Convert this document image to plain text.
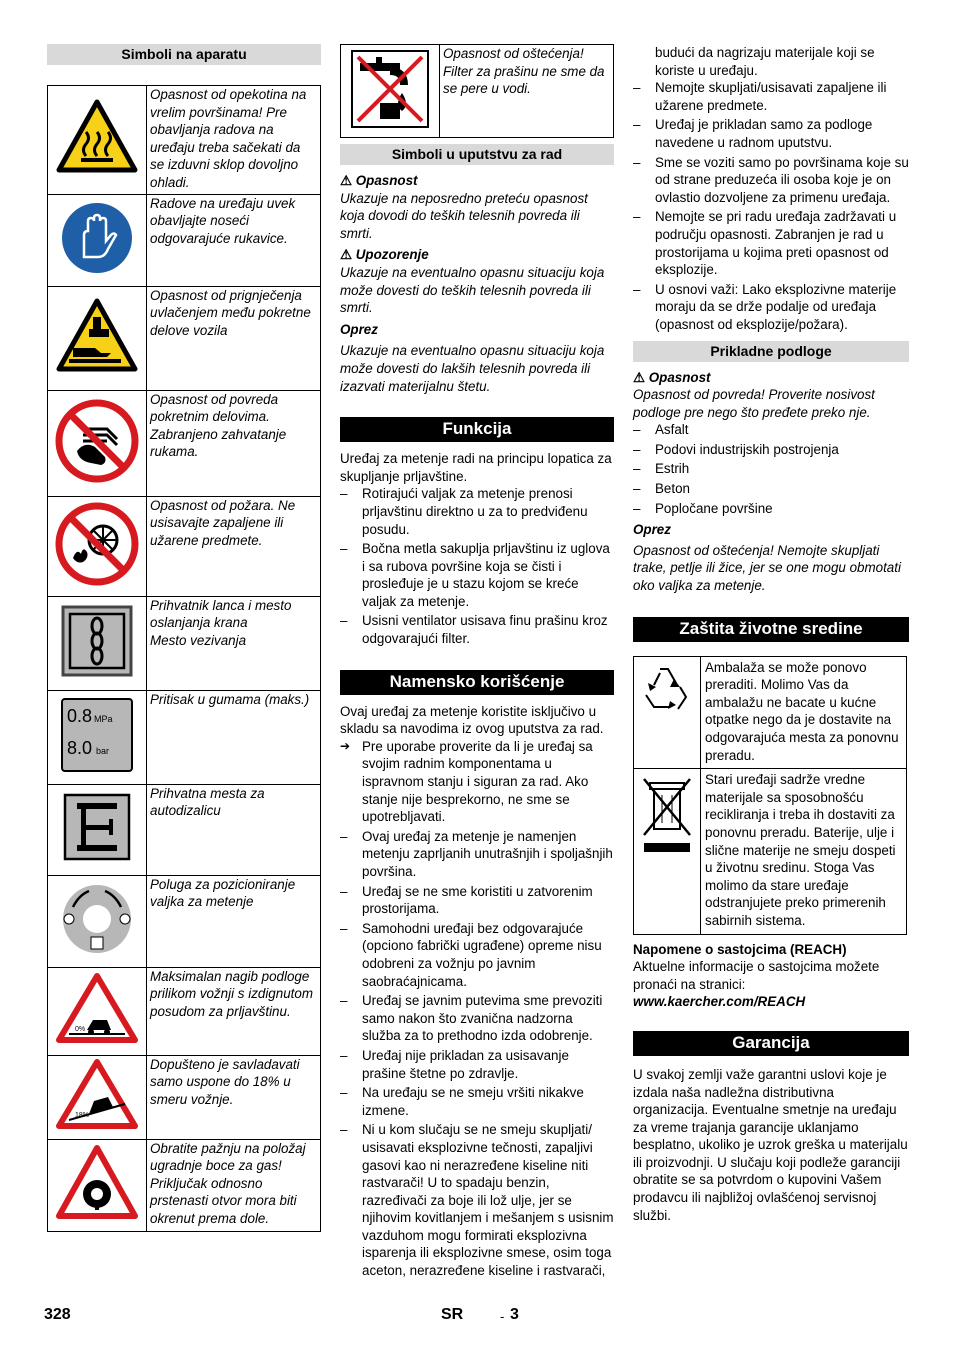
Simboli na aparatu
	Opasnost od opekotina na vrelim površinama! Pre obavljanja radova na uređaju treba sačekati da se izduvni sklop dovoljno ohladi.
	Radove na uređaju uvek obavljajte noseći odgovarajuće rukavice.
	Opasnost od prignječenja uvlačenjem među pokretne delove vozila
	Opasnost od povreda pokretnim delovima. Zabranjeno zahvatanje rukama.
	Opasnost od požara. Ne usisavajte zapaljene ili užarene predmete.
	Prihvatnik lanca i mesto oslanjanja krana
Mesto vezivanja

0.8 MPa
8.0 bar	Pritisak u gumama (maks.)
	Prihvatna mesta za autodizalicu
	Poluga za pozicioniranje valjka za metenje

0%	Maksimalan nagib podloge prilikom vožnji s izdignutom posudom za prljavštinu.

18%	Dopušteno je savladavati samo uspone do 18% u smeru vožnje.
	Obratite pažnju na položaj ugradnje boce za gas! Priključak odnosno prstenasti otvor mora biti okrenut prema dole.
	Opasnost od oštećenja! Filter za prašinu ne sme da se pere u vodi.
Simboli u uputstvu za rad

⚠ Opasnost

Ukazuje na neposredno preteću opasnost koja dovodi do teških telesnih povreda ili smrti.

⚠ Upozorenje

Ukazuje na eventualno opasnu situaciju koja može dovesti do teških telesnih povreda ili smrti.

Oprez

Ukazuje na eventualno opasnu situaciju koja može dovesti do lakših telesnih povreda ili izazvati materijalnu štetu.

Funkcija

Uređaj za metenje radi na principu lopatica za skupljanje prljavštine.

– Rotirajući valjak za metenje prenosi prljavštinu direktno u za to predviđenu posudu.
– Bočna metla sakuplja prljavštinu iz uglova i sa rubova površine koja se čisti i prosleđuje je u stazu kojom se kreće valjak za metenje.
– Usisni ventilator usisava finu prašinu kroz odgovarajući filter.
Namensko korišćenje

Ovaj uređaj za metenje koristite isključivo u skladu sa navodima iz ovog uputstva za rad.

➔ Pre uporabe proverite da li je uređaj sa svojim radnim komponentama u ispravnom stanju i siguran za rad. Ako stanje nije besprekorno, ne sme se upotrebljavati.
– Ovaj uređaj za metenje je namenjen metenju zaprljanih unutrašnjih i spoljašnjih površina.
– Uređaj se ne sme koristiti u zatvorenim prostorijama.
– Samohodni uređaji bez odgovarajuće (opciono fabrički ugrađene) opreme nisu odobreni za vožnju po javnim saobraćajnicama.
– Uređaj se javnim putevima sme prevoziti samo nakon što zvanična nadzorna služba za to prethodno izda odobrenje.
– Uređaj nije prikladan za usisavanje prašine štetne po zdravlje.
– Na uređaju se ne smeju vršiti nikakve izmene.
– Ni u kom slučaju se ne smeju skupljati/ usisavati eksplozivne tečnosti, zapaljivi gasovi kao ni nerazređene kiseline niti rastvarači! U to spadaju benzin, razređivači za boje ili lož ulje, jer se njihovim kovitlanjem i mešanjem s usisnim vazduhom mogu formirati eksplozivna isparenja ili eksplozivne smese, osim toga aceton, nerazređene kiseline i rastvarači,

budući da nagrizaju materijale koji se koriste u uređaju.

– Nemojte skupljati/usisavati zapaljene ili užarene predmete.
– Uređaj je prikladan samo za podloge navedene u radnom uputstvu.
– Sme se voziti samo po površinama koje su od strane preduzeća ili osoba koje je on ovlastio dozvoljene za primenu uređaja.
– Nemojte se pri radu uređaja zadržavati u području opasnosti. Zabranjen je rad u prostorijama u kojima preti opasnost od eksplozije.
– U osnovi važi: Lako eksplozivne materije moraju da se drže podalje od uređaja (opasnost od eksplozije/požara).
Prikladne podloge

⚠ Opasnost

Opasnost od povreda! Proverite nosivost podloge pre nego što pređete preko nje.

– Asfalt
– Podovi industrijskih postrojenja
– Estrih
– Beton
– Popločane površine

Oprez

Opasnost od oštećenja! Nemojte skupljati trake, petlje ili žice, jer se one mogu obmotati oko valjka za metenje.

Zaštita životne sredine
	Ambalaža se može ponovo preraditi. Molimo Vas da ambalažu ne bacate u kućne otpatke nego da je dostavite na odgovarajuća mesta za ponovnu preradu.
	Stari uređaji sadrže vredne materijale sa sposobnošću recikliranja i treba ih dostaviti za ponovnu preradu. Baterije, ulje i slične materije ne smeju dospeti u životnu sredinu. Stoga Vas molimo da stare uređaje odstranjujete preko primerenih sabirnih sistema.

Napomene o sastojcima (REACH)

Aktuelne informacije o sastojcima možete pronaći na stranici:

www.kaercher.com/REACH

Garancija

U svakoj zemlji važe garantni uslovi koje je izdala naša nadležna distributivna organizacija. Eventualne smetnje na uređaju za vreme trajanja garancije uklanjamo besplatno, ukoliko je uzrok greška u materijalu ili proizvodnji. U slučaju koji podleže garanciji obratite se sa potvrdom o kupovini Vašem prodavcu ili najbližoj ovlašćenoj servisnoj službi.

328	SR	- 3
